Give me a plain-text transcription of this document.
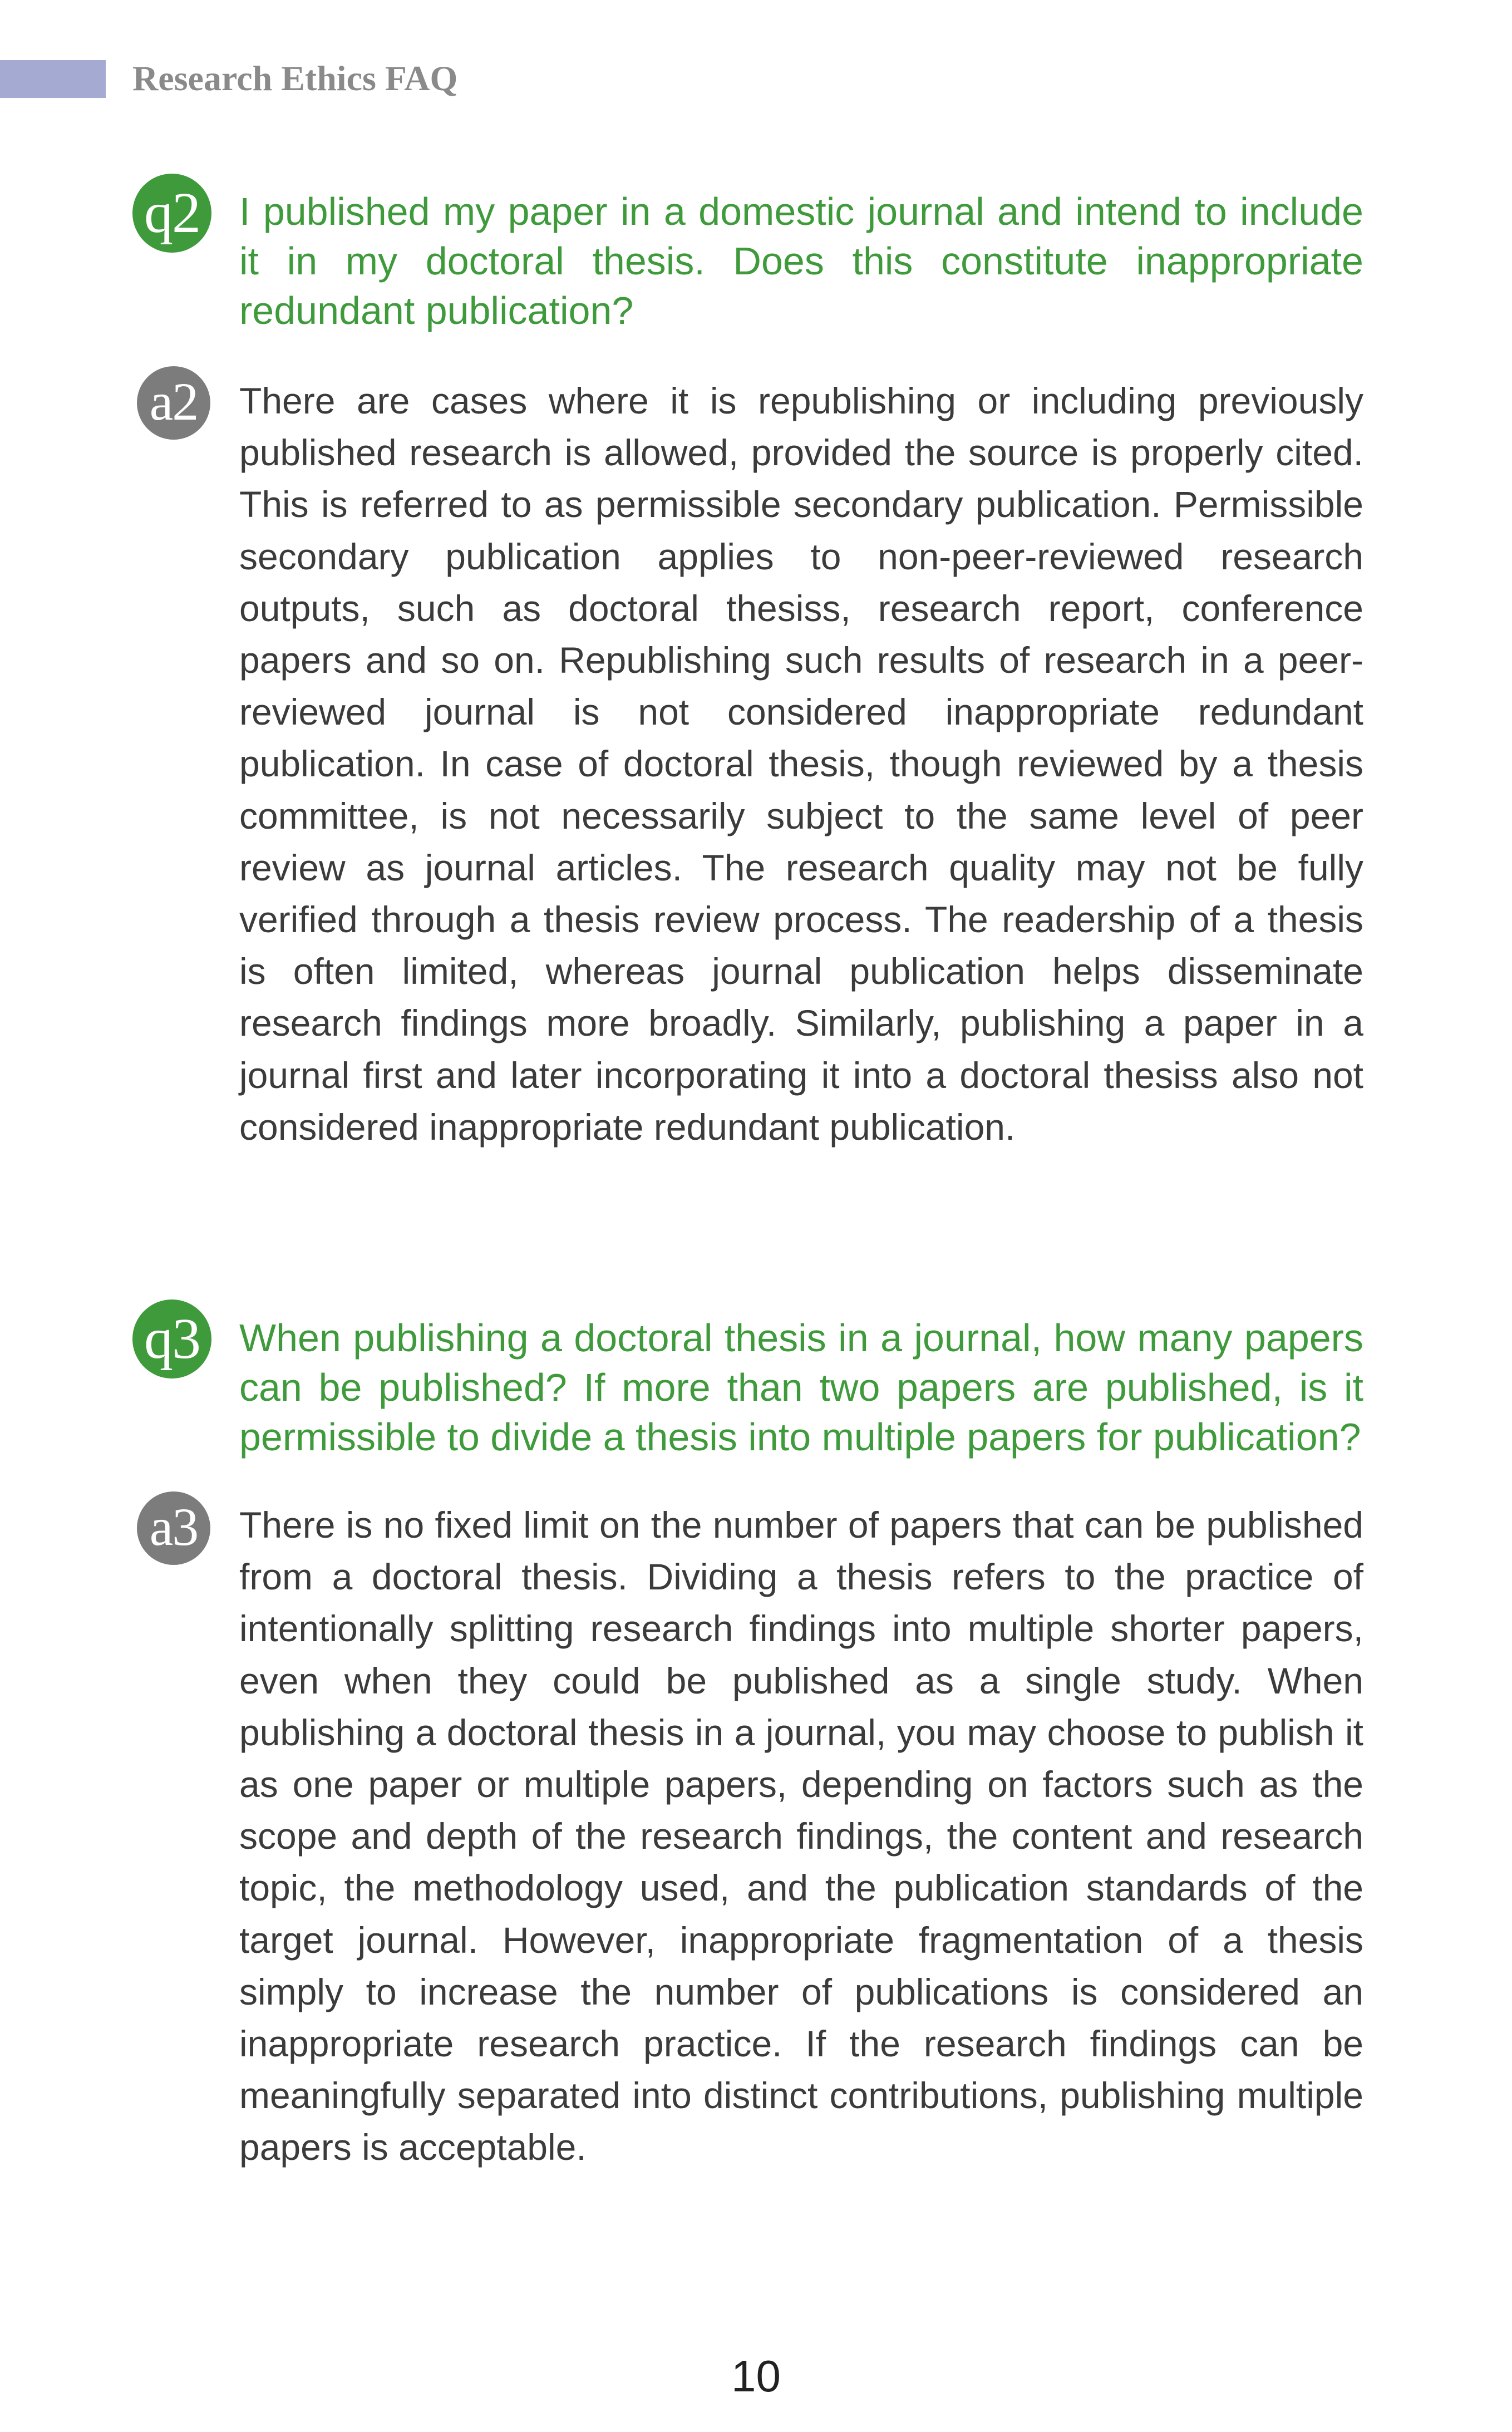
Research Ethics FAQ
q2	I published my paper in a domestic journal and intend to include it in my doctoral thesis. Does this constitute inappropriate redundant publication?
a2	There are cases where it is republishing or including previously published research is allowed, provided the source is properly cited. This is referred to as permissible secondary publication. Permissible secondary publication applies to non-peer-reviewed research outputs, such as doctoral thesiss, research report, conference papers and so on. Republishing such results of research in a peer-reviewed journal is not considered inappropriate redundant publication. In case of doctoral thesis, though reviewed by a thesis committee, is not necessarily subject to the same level of peer review as journal articles. The research quality may not be fully verified through a thesis review process. The readership of a thesis is often limited, whereas journal publication helps disseminate research findings more broadly. Similarly, publishing a paper in a journal first and later incorporating it into a doctoral thesiss also not considered inappropriate redundant publication.
q3	When publishing a doctoral thesis in a journal, how many papers can be published? If more than two papers are published, is it permissible to divide a thesis into multiple papers for publication?
a3	There is no fixed limit on the number of papers that can be published from a doctoral thesis. Dividing a thesis refers to the practice of intentionally splitting research findings into multiple shorter papers, even when they could be published as a single study. When publishing a doctoral thesis in a journal, you may choose to publish it as one paper or multiple papers, depending on factors such as the scope and depth of the research findings, the content and research topic, the methodology used, and the publication standards of the target journal. However, inappropriate fragmentation of a thesis simply to increase the number of publications is considered an inappropriate research practice. If the research findings can be meaningfully separated into distinct contributions, publishing multiple papers is acceptable.
10
